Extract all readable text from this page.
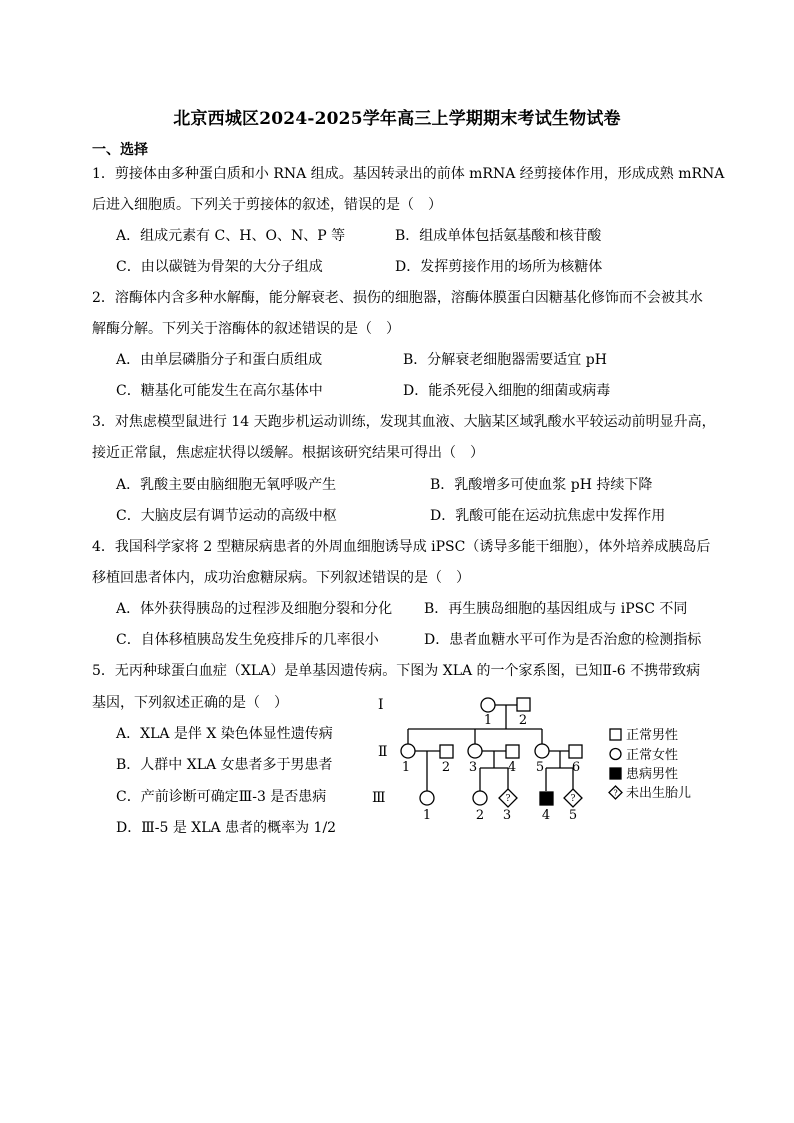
北京西城区2024-2025学年高三上学期期末考试生物试卷
一、选择
1．剪接体由多种蛋白质和小 RNA 组成。基因转录出的前体 mRNA 经剪接体作用，形成成熟 mRNA
后进入细胞质。下列关于剪接体的叙述，错误的是（　）
A．组成元素有 C、H、O、N、P 等	B．组成单体包括氨基酸和核苷酸
C．由以碳链为骨架的大分子组成	D．发挥剪接作用的场所为核糖体
2．溶酶体内含多种水解酶，能分解衰老、损伤的细胞器，溶酶体膜蛋白因糖基化修饰而不会被其水
解酶分解。下列关于溶酶体的叙述错误的是（　）
A．由单层磷脂分子和蛋白质组成	B．分解衰老细胞器需要适宜 pH
C．糖基化可能发生在高尔基体中	D．能杀死侵入细胞的细菌或病毒
3．对焦虑模型鼠进行 14 天跑步机运动训练，发现其血液、大脑某区域乳酸水平较运动前明显升高，
接近正常鼠，焦虑症状得以缓解。根据该研究结果可得出（　）
A．乳酸主要由脑细胞无氧呼吸产生	B．乳酸增多可使血浆 pH 持续下降
C．大脑皮层有调节运动的高级中枢	D．乳酸可能在运动抗焦虑中发挥作用
4．我国科学家将 2 型糖尿病患者的外周血细胞诱导成 iPSC（诱导多能干细胞），体外培养成胰岛后
移植回患者体内，成功治愈糖尿病。下列叙述错误的是（　）
A．体外获得胰岛的过程涉及细胞分裂和分化 B．再生胰岛细胞的基因组成与 iPSC 不同
C．自体移植胰岛发生免疫排斥的几率很小	D．患者血糖水平可作为是否治愈的检测指标
5．无丙种球蛋白血症（XLA）是单基因遗传病。下图为 XLA 的一个家系图，已知Ⅱ-6 不携带致病
基因，下列叙述正确的是（　）
A．XLA 是伴 X 染色体显性遗传病
B．人群中 XLA 女患者多于男患者
C．产前诊断可确定Ⅲ-3 是否患病
D．Ⅲ-5 是 XLA 患者的概率为 1/2
Ⅰ
Ⅱ
Ⅲ
1 2
1 2 3 4 5 6
1	2 3 4 5
?	?
?
正常男性
正常女性
患病男性
未出生胎儿
